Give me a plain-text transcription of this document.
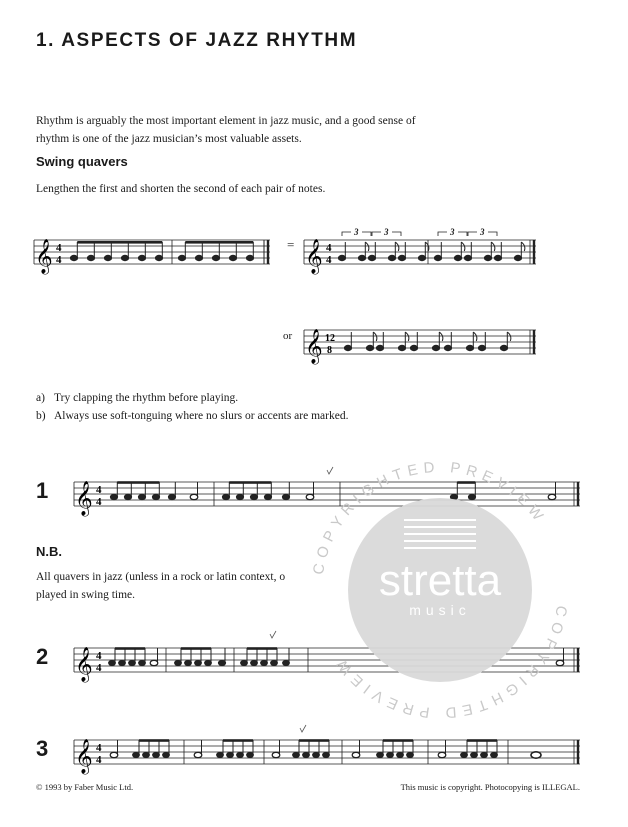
1. ASPECTS OF JAZZ RHYTHM
Rhythm is arguably the most important element in jazz music, and a good sense of
rhythm is one of the jazz musician’s most valuable assets.
Swing quavers
Lengthen the first and shorten the second of each pair of notes.
𝄞 4
4
= 𝄞 4
4
3	3	3	3
or 𝄞 12
8
a) Try clapping the rhythm before playing.
b) Always use soft-tonguing where no slurs or accents are marked.
1 𝄞 4
4
N.B.
All quavers in jazz (unless in a rock or latin context, o
played in swing time.
2 𝄞 4
4
3 𝄞 4
4
© 1993 by Faber Music Ltd.	This music is copyright. Photocopying is ILLEGAL.
stretta
music
COPYRIGHTED PREVIEW
COPYRIGHTED PREVIEW
